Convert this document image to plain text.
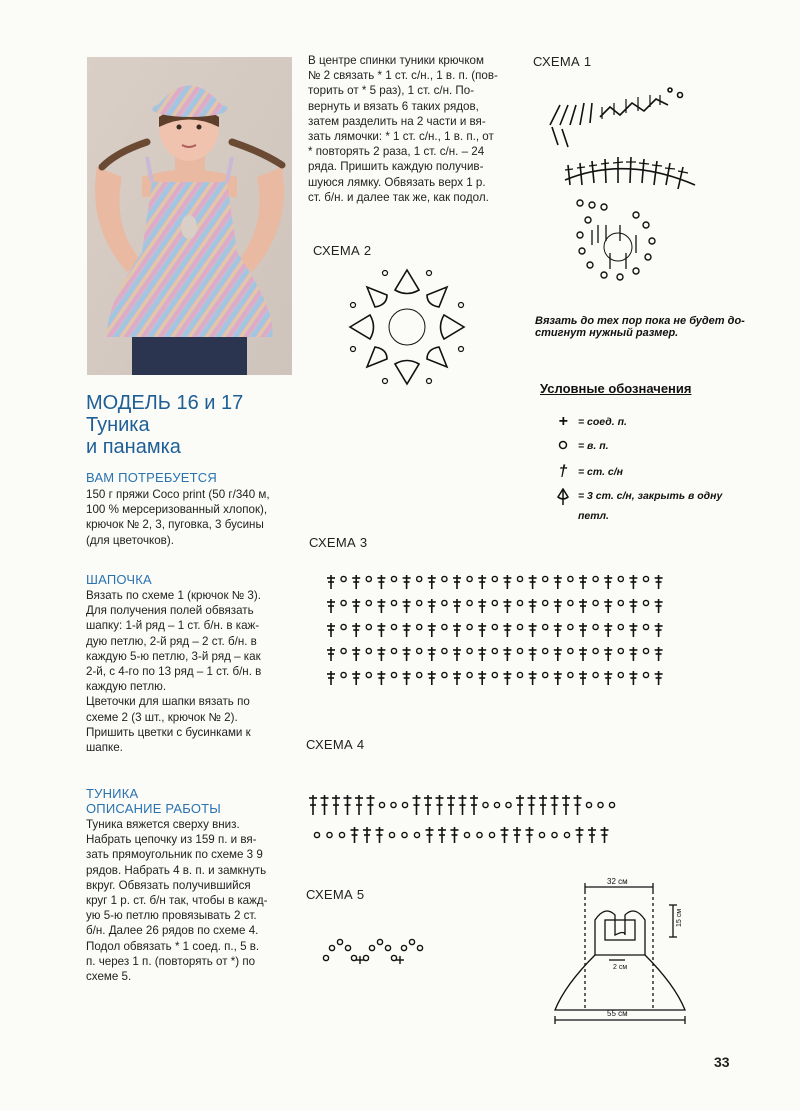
МОДЕЛЬ 16 и 17
Туника
и панамка
ВАМ ПОТРЕБУЕТСЯ

150 г пряжи Coco print (50 г/340 м,

100 % мерсеризованный хлопок),

крючок № 2, 3, пуговка, 3 бусины

(для цветочков).

ШАПОЧКА

Вязать по схеме 1 (крючок № 3).

Для получения полей обвязать

шапку: 1-й ряд – 1 ст. б/н. в каж-

дую петлю, 2-й ряд – 2 ст. б/н. в

каждую 5-ю петлю, 3-й ряд – как

2-й, с 4-го по 13 ряд – 1 ст. б/н. в

каждую петлю.

Цветочки для шапки вязать по

схеме 2 (3 шт., крючок № 2).

Пришить цветки с бусинками к

шапке.

ТУНИКА
ОПИСАНИЕ РАБОТЫ

Туника вяжется сверху вниз.

Набрать цепочку из 159 п. и вя-

зать прямоугольник по схеме 3 9

рядов. Набрать 4 в. п. и замкнуть

вкруг. Обвязать получившийся

круг 1 р. ст. б/н так, чтобы в кажд-

ую 5-ю петлю провязывать 2 ст.

б/н. Далее 26 рядов по схеме 4.

Подол обвязать * 1 соед. п., 5 в.

п. через 1 п. (повторять от *) по

схеме 5.

В центре спинки туники крючком

№ 2 связать * 1 ст. с/н., 1 в. п. (пов-

торить от * 5 раз), 1 ст. с/н. По-

вернуть и вязать 6 таких рядов,

затем разделить на 2 части и вя-

зать лямочки: * 1 ст. с/н., 1 в. п., от

* повторять 2 раза, 1 ст. с/н. – 24

ряда. Пришить каждую получив-

шуюся лямку. Обвязать верх 1 р.

ст. б/н. и далее так же, как подол.

СХЕМА 1
СХЕМА 2
СХЕМА 3
СХЕМА 4
СХЕМА 5
Вязать до тех пор пока не будет до-
стигнут нужный размер.
Условные обозначения
+ = соед. п.
= в. п.
†	= ст. с/н
= 3 ст. с/н, закрыть в одну
петл.
32 см
15 см
2 см
55 см
33
